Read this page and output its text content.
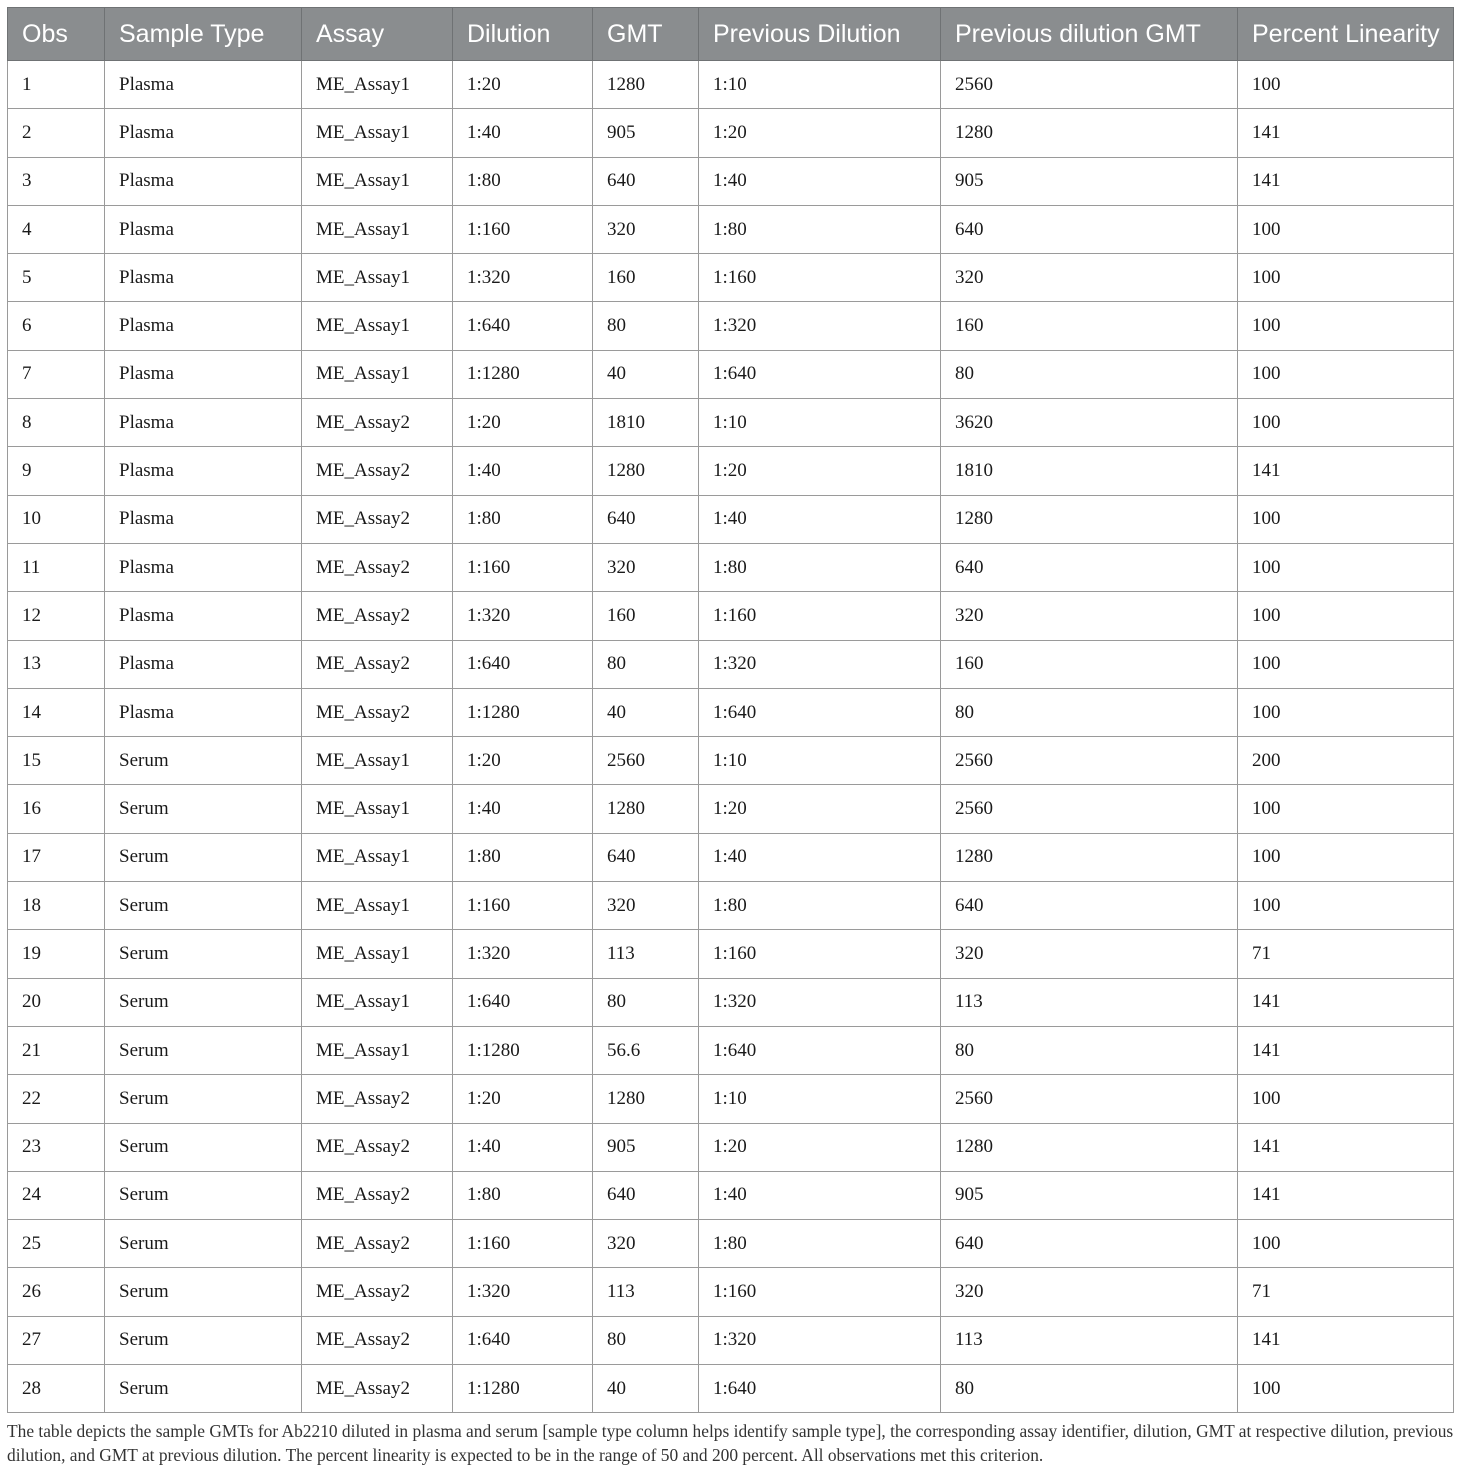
Obs	Sample Type	Assay	Dilution	GMT	Previous Dilution	Previous dilution GMT	Percent Linearity
1	Plasma	ME_Assay1	1:20	1280	1:10	2560	100
2	Plasma	ME_Assay1	1:40	905	1:20	1280	141
3	Plasma	ME_Assay1	1:80	640	1:40	905	141
4	Plasma	ME_Assay1	1:160	320	1:80	640	100
5	Plasma	ME_Assay1	1:320	160	1:160	320	100
6	Plasma	ME_Assay1	1:640	80	1:320	160	100
7	Plasma	ME_Assay1	1:1280	40	1:640	80	100
8	Plasma	ME_Assay2	1:20	1810	1:10	3620	100
9	Plasma	ME_Assay2	1:40	1280	1:20	1810	141
10	Plasma	ME_Assay2	1:80	640	1:40	1280	100
11	Plasma	ME_Assay2	1:160	320	1:80	640	100
12	Plasma	ME_Assay2	1:320	160	1:160	320	100
13	Plasma	ME_Assay2	1:640	80	1:320	160	100
14	Plasma	ME_Assay2	1:1280	40	1:640	80	100
15	Serum	ME_Assay1	1:20	2560	1:10	2560	200
16	Serum	ME_Assay1	1:40	1280	1:20	2560	100
17	Serum	ME_Assay1	1:80	640	1:40	1280	100
18	Serum	ME_Assay1	1:160	320	1:80	640	100
19	Serum	ME_Assay1	1:320	113	1:160	320	71
20	Serum	ME_Assay1	1:640	80	1:320	113	141
21	Serum	ME_Assay1	1:1280	56.6	1:640	80	141
22	Serum	ME_Assay2	1:20	1280	1:10	2560	100
23	Serum	ME_Assay2	1:40	905	1:20	1280	141
24	Serum	ME_Assay2	1:80	640	1:40	905	141
25	Serum	ME_Assay2	1:160	320	1:80	640	100
26	Serum	ME_Assay2	1:320	113	1:160	320	71
27	Serum	ME_Assay2	1:640	80	1:320	113	141
28	Serum	ME_Assay2	1:1280	40	1:640	80	100
The table depicts the sample GMTs for Ab2210 diluted in plasma and serum [sample type column helps identify sample type], the corresponding assay identifier, dilution, GMT at respective dilution, previous dilution, and GMT at previous dilution. The percent linearity is expected to be in the range of 50 and 200 percent. All observations met this criterion.
